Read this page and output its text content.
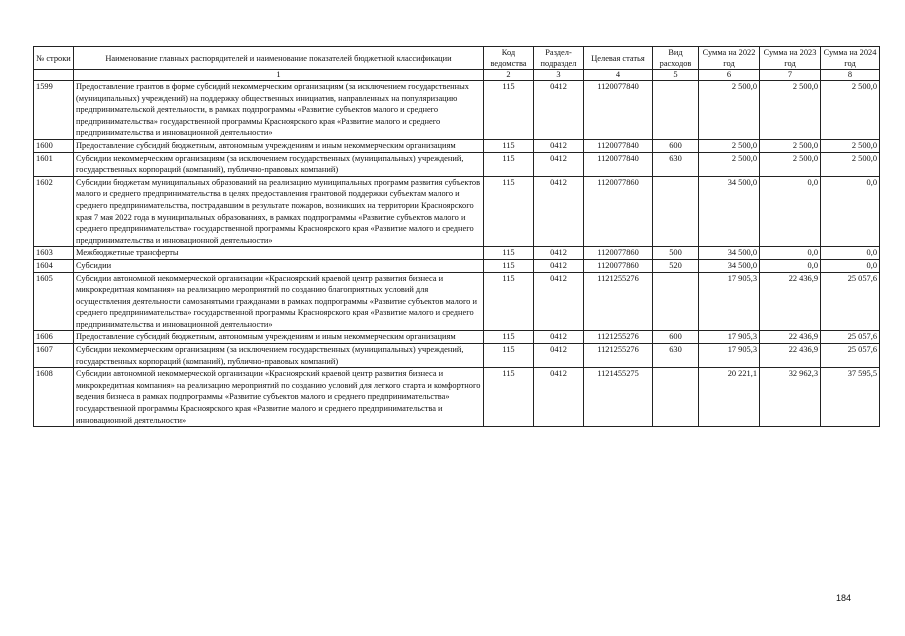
№ строки	Наименование главных распорядителей и наименование показателей бюджетной классификации	Код ведомства	Раздел-подраздел	Целевая статья	Вид расходов	Сумма на 2022 год	Сумма на 2023 год	Сумма на 2024 год
	1	2	3	4	5	6	7	8
1599	Предоставление грантов в форме субсидий некоммерческим организациям (за исключением государственных (муниципальных) учреждений) на поддержку общественных инициатив, направленных на популяризацию предпринимательской деятельности, в рамках подпрограммы «Развитие субъектов малого и среднего предпринимательства» государственной программы Красноярского края «Развитие малого и среднего предпринимательства и инновационной деятельности»	115	0412	1120077840		2 500,0	2 500,0	2 500,0
1600	Предоставление субсидий бюджетным, автономным учреждениям и иным некоммерческим организациям	115	0412	1120077840	600	2 500,0	2 500,0	2 500,0
1601	Субсидии некоммерческим организациям (за исключением государственных (муниципальных) учреждений, государственных корпораций (компаний), публично-правовых компаний)	115	0412	1120077840	630	2 500,0	2 500,0	2 500,0
1602	Субсидии бюджетам муниципальных образований на реализацию муниципальных программ развития субъектов малого и среднего предпринимательства в целях предоставления грантовой поддержки субъектам малого и среднего предпринимательства, пострадавшим в результате пожаров, возникших на территории Красноярского края 7 мая 2022 года в муниципальных образованиях, в рамках подпрограммы «Развитие субъектов малого и среднего предпринимательства» государственной программы Красноярского края «Развитие малого и среднего предпринимательства и инновационной деятельности»	115	0412	1120077860		34 500,0	0,0	0,0
1603	Межбюджетные трансферты	115	0412	1120077860	500	34 500,0	0,0	0,0
1604	Субсидии	115	0412	1120077860	520	34 500,0	0,0	0,0
1605	Субсидии автономной некоммерческой организации «Красноярский краевой центр развития бизнеса и микрокредитная компания» на реализацию мероприятий по созданию благоприятных условий для осуществления деятельности самозанятыми гражданами в рамках подпрограммы «Развитие субъектов малого и среднего предпринимательства» государственной программы Красноярского края «Развитие малого и среднего предпринимательства и инновационной деятельности»	115	0412	1121255276		17 905,3	22 436,9	25 057,6
1606	Предоставление субсидий бюджетным, автономным учреждениям и иным некоммерческим организациям	115	0412	1121255276	600	17 905,3	22 436,9	25 057,6
1607	Субсидии некоммерческим организациям (за исключением государственных (муниципальных) учреждений, государственных корпораций (компаний), публично-правовых компаний)	115	0412	1121255276	630	17 905,3	22 436,9	25 057,6
1608	Субсидии автономной некоммерческой организации «Красноярский краевой центр развития бизнеса и микрокредитная компания» на реализацию мероприятий по созданию условий для легкого старта и комфортного ведения бизнеса в рамках подпрограммы «Развитие субъектов малого и среднего предпринимательства» государственной программы Красноярского края «Развитие малого и среднего предпринимательства и инновационной деятельности»	115	0412	1121455275		20 221,1	32 962,3	37 595,5
184
